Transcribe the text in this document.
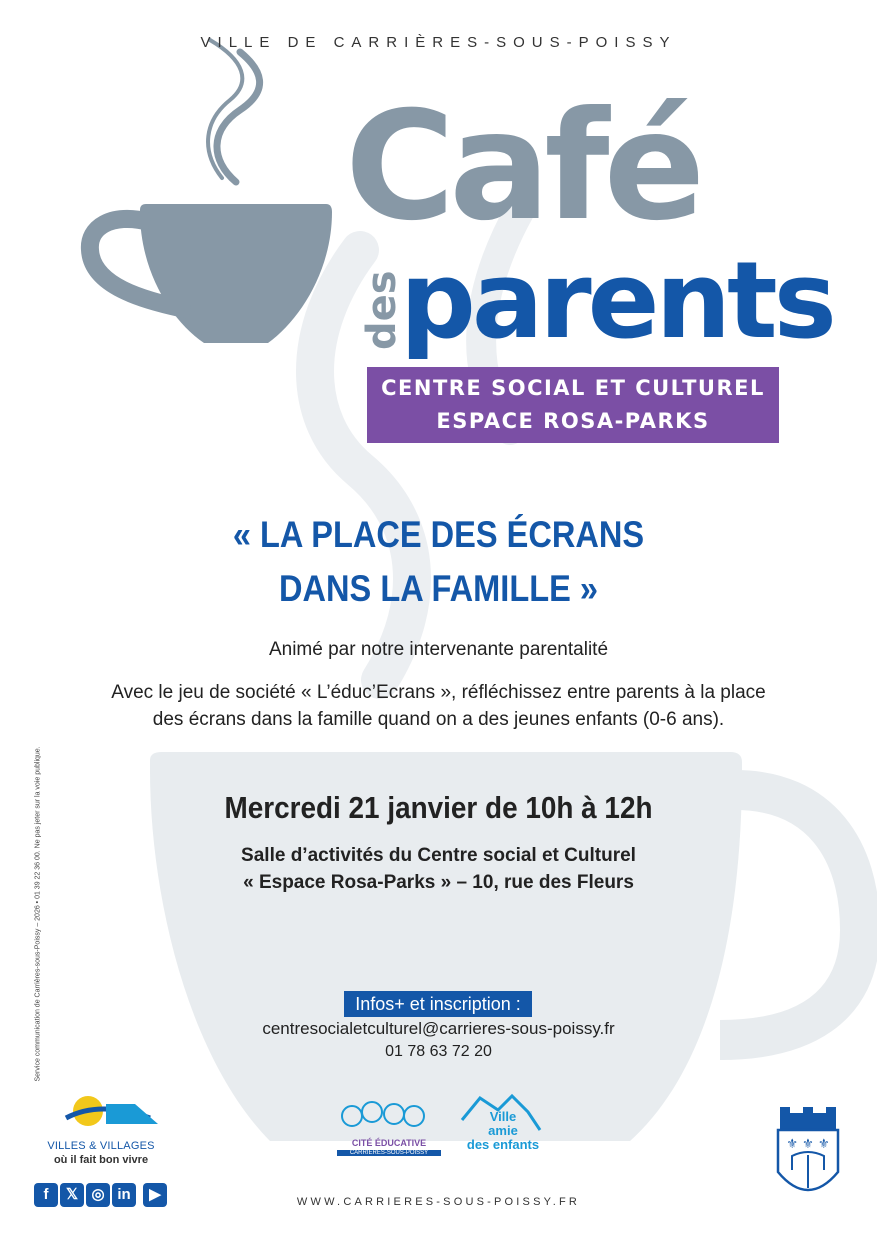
⚜ ⚜ ⚜
VILLE DE CARRIÈRES-SOUS-POISSY
Café
des
parents
CENTRE SOCIAL ET CULTUREL
ESPACE ROSA-PARKS
« LA PLACE DES ÉCRANS
DANS LA FAMILLE »
Animé par notre intervenante parentalité
Avec le jeu de société « L’éduc’Ecrans », réfléchissez entre parents à la place
des écrans dans la famille quand on a des jeunes enfants (0-6 ans).
Mercredi 21 janvier de 10h à 12h
Salle d’activités du Centre social et Culturel
« Espace Rosa-Parks » – 10, rue des Fleurs
Infos+ et inscription :
centresocialetculturel@carrieres-sous-poissy.fr
01 78 63 72 20
Service communication de Carrières-sous-Poissy – 2026 • 01 39 22 36 00. Ne pas jeter sur la voie publique.
VILLES & VILLAGES
où il fait bon vivre
f	𝕏 ◎ in	▶
CITÉ ÉDUCATIVE
CARRIÈRES-SOUS-POISSY
Ville
amie
des enfants
WWW.CARRIERES-SOUS-POISSY.FR
